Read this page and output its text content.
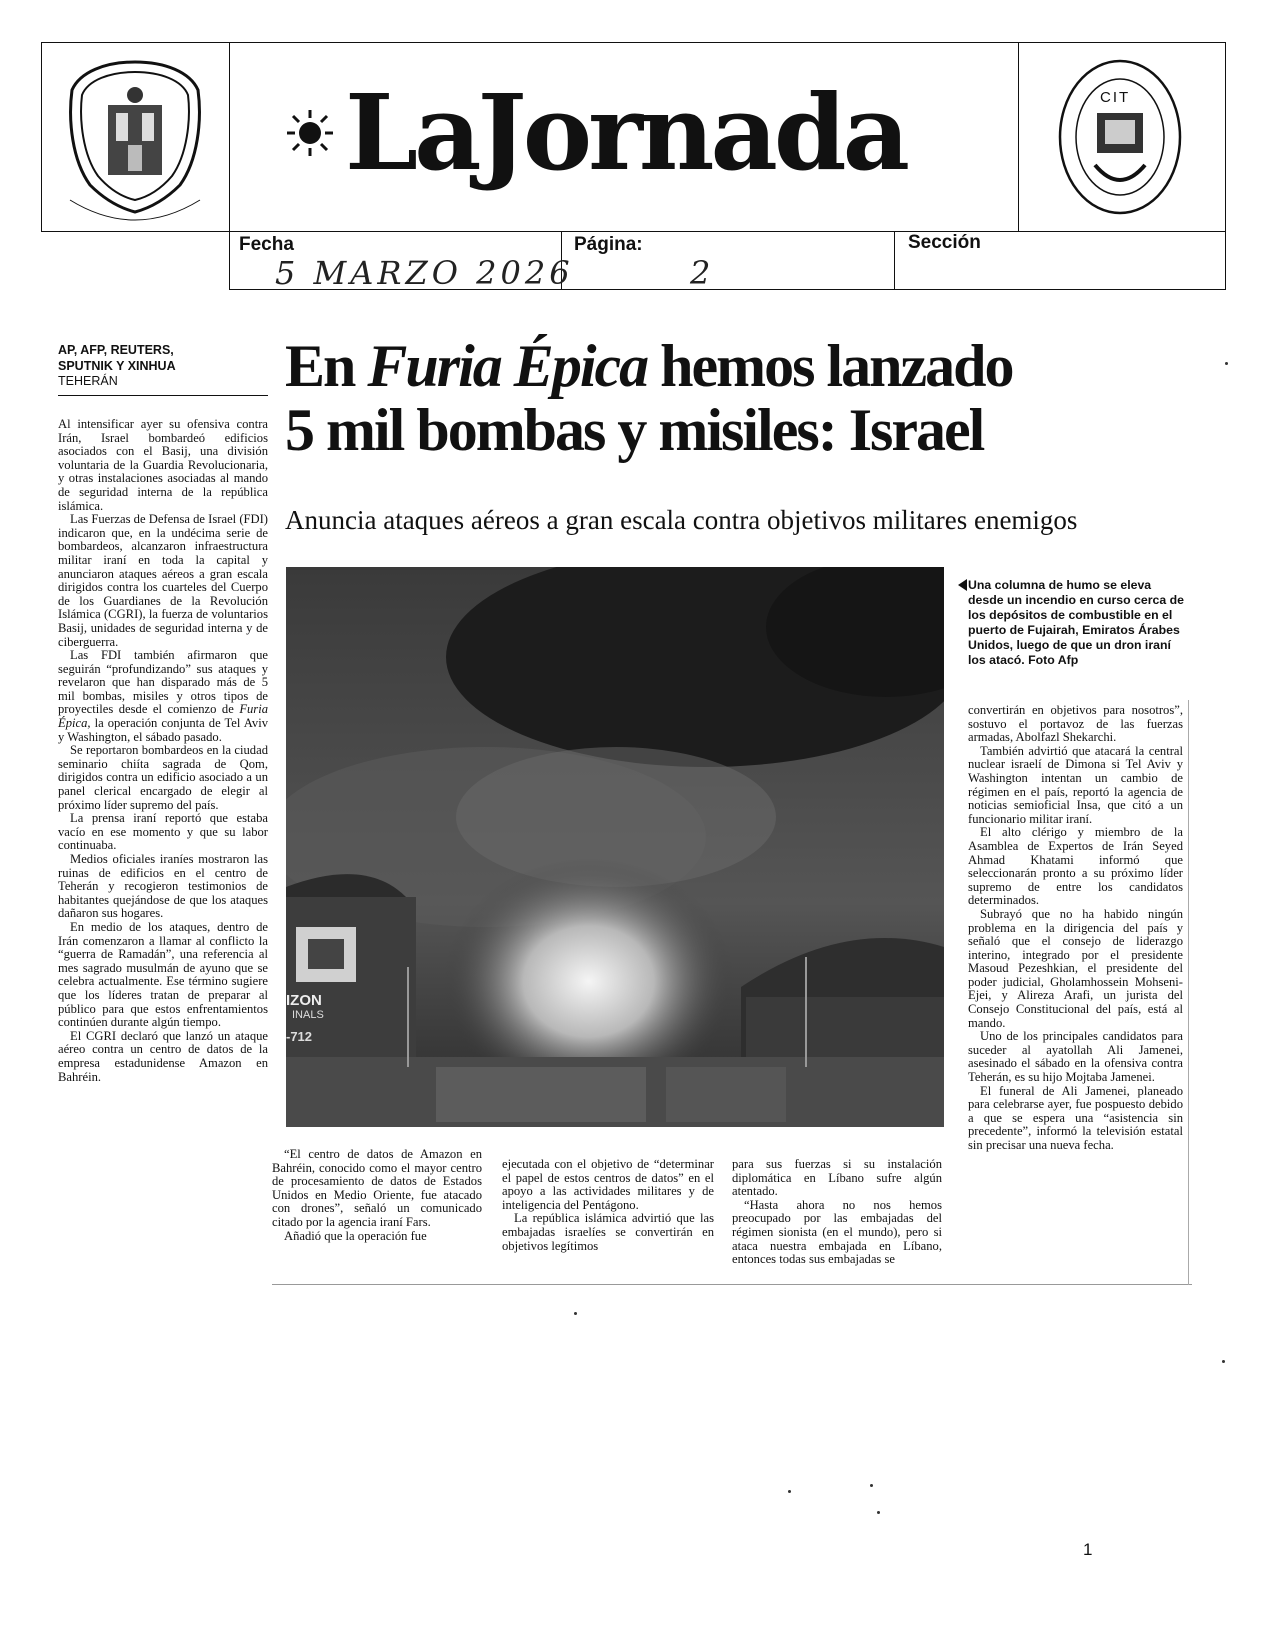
LaJornada	CIT
Fecha
5 MARZO 2026
Página:
2
Sección
AP, AFP, REUTERS,
SPUTNIK Y XINHUA
TEHERÁN	En Furia Épica hemos lanzado
5 mil bombas y misiles: Israel
Anuncia ataques aéreos a gran escala contra objetivos militares enemigos

Al intensificar ayer su ofensiva contra Irán, Israel bombardeó edificios asociados con el Basij, una división voluntaria de la Guardia Revolucionaria, y otras instalaciones asociadas al mando de seguridad interna de la república islámica.

Las Fuerzas de Defensa de Israel (FDI) indicaron que, en la undécima serie de bombardeos, alcanzaron infraestructura militar iraní en toda la capital y anunciaron ataques aéreos a gran escala dirigidos contra los cuarteles del Cuerpo de los Guardianes de la Revolución Islámica (CGRI), la fuerza de voluntarios Basij, unidades de seguridad interna y de ciberguerra.

Las FDI también afirmaron que seguirán “profundizando” sus ataques y revelaron que han disparado más de 5 mil bombas, misiles y otros tipos de proyectiles desde el comienzo de Furia Épica, la operación conjunta de Tel Aviv y Washington, el sábado pasado.

Se reportaron bombardeos en la ciudad seminario chiíta sagrada de Qom, dirigidos contra un edificio asociado a un panel clerical encargado de elegir al próximo líder supremo del país.

La prensa iraní reportó que estaba vacío en ese momento y que su labor continuaba.

Medios oficiales iraníes mostraron las ruinas de edificios en el centro de Teherán y recogieron testimonios de habitantes quejándose de que los ataques dañaron sus hogares.

En medio de los ataques, dentro de Irán comenzaron a llamar al conflicto la “guerra de Ramadán”, una referencia al mes sagrado musulmán de ayuno que se celebra actualmente. Ese término sugiere que los líderes tratan de preparar al público para que estos enfrentamientos continúen durante algún tiempo.

El CGRI declaró que lanzó un ataque aéreo contra un centro de datos de la empresa estadunidense Amazon en Bahréin.

IZON
INALS
-712
Una columna de humo se eleva desde un incendio en curso cerca de los depósitos de combustible en el puerto de Fujairah, Emiratos Árabes Unidos, luego de que un dron iraní los atacó. Foto Afp

“El centro de datos de Amazon en Bahréin, conocido como el mayor centro de procesamiento de datos de Estados Unidos en Medio Oriente, fue atacado con drones”, señaló un comunicado citado por la agencia iraní Fars.

Añadió que la operación fue

ejecutada con el objetivo de “determinar el papel de estos centros de datos” en el apoyo a las actividades militares y de inteligencia del Pentágono.

La república islámica advirtió que las embajadas israelíes se convertirán en objetivos legítimos

para sus fuerzas si su instalación diplomática en Líbano sufre algún atentado.

“Hasta ahora no nos hemos preocupado por las embajadas del régimen sionista (en el mundo), pero si ataca nuestra embajada en Líbano, entonces todas sus embajadas se

convertirán en objetivos para nosotros”, sostuvo el portavoz de las fuerzas armadas, Abolfazl Shekarchi.

También advirtió que atacará la central nuclear israelí de Dimona si Tel Aviv y Washington intentan un cambio de régimen en el país, reportó la agencia de noticias semioficial Insa, que citó a un funcionario militar iraní.

El alto clérigo y miembro de la Asamblea de Expertos de Irán Seyed Ahmad Khatami informó que seleccionarán pronto a su próximo líder supremo de entre los candidatos determinados.

Subrayó que no ha habido ningún problema en la dirigencia del país y señaló que el consejo de liderazgo interino, integrado por el presidente Masoud Pezeshkian, el presidente del poder judicial, Gholamhossein Mohseni-Ejei, y Alireza Arafi, un jurista del Consejo Constitucional del país, está al mando.

Uno de los principales candidatos para suceder al ayatollah Ali Jamenei, asesinado el sábado en la ofensiva contra Teherán, es su hijo Mojtaba Jamenei.

El funeral de Ali Jamenei, planeado para celebrarse ayer, fue pospuesto debido a que se espera una “asistencia sin precedente”, informó la televisión estatal sin precisar una nueva fecha.

1
